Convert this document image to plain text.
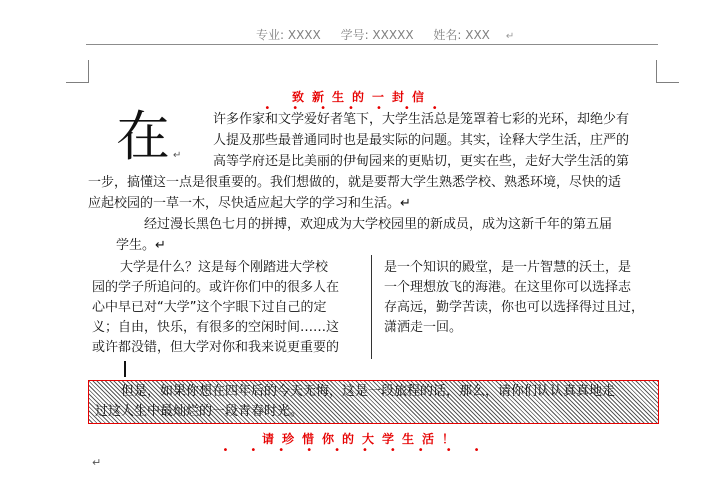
专业: XXXX 学号: XXXXX 姓名: XXX ↵
致新生的一封信
•••••••
在 ↵
许多作家和文学爱好者笔下，大学生活总是笼罩着七彩的光环，却绝少有
人提及那些最普通同时也是最实际的问题。其实，诠释大学生活，庄严的
高等学府还是比美丽的伊甸园来的更贴切，更实在些，走好大学生活的第
一步，搞懂这一点是很重要的。我们想做的，就是要帮大学生熟悉学校、熟悉环境，尽快的适
应起校园的一草一木，尽快适应起大学的学习和生活。↵
经过漫长黑色七月的拼搏，欢迎成为大学校园里的新成员，成为这新千年的第五届
学生。↵
大学是什么？这是每个刚踏进大学校
园的学子所追问的。或许你们中的很多人在
心中早已对“大学”这个字眼下过自己的定
义；自由，快乐，有很多的空闲时间……这
或许都没错，但大学对你和我来说更重要的
是一个知识的殿堂，是一片智慧的沃土，是
一个理想放飞的海港。在这里你可以选择志
存高远，勤学苦读，你也可以选择得过且过，
潇洒走一回。
但是，如果你想在四年后的今天无悔，这是一段旅程的话，那么，请你们认认真真地走
过这人生中最灿烂的一段青春时光。
请珍惜你的大学生活！
••••••••••
↵
